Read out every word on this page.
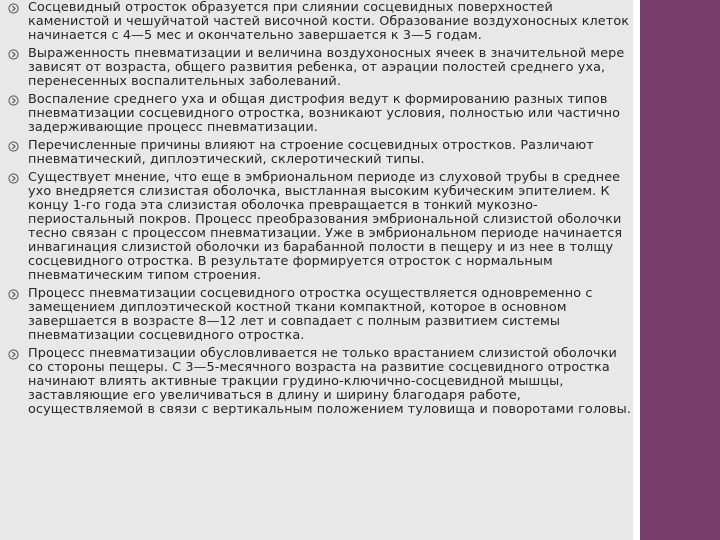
Сосцевидный отросток образуется при слиянии сосцевидных поверхностей каменистой и чешуйчатой частей височной кости. Образование воздухоносных клеток начинается с 4—5 мес и окончательно завершается к 3—5 годам.
Выраженность пневматизации и величина воздухоносных ячеек в значительной мере зависят от возраста, общего развития ребенка, от аэрации полостей среднего уха, перенесенных воспалительных заболеваний.
Воспаление среднего уха и общая дистрофия ведут к формированию разных типов пневматизации сосцевидного отростка, возникают условия, полностью или частично задерживающие процесс пневматизации.
Перечисленные причины влияют на строение сосцевидных отростков. Различают пневматический, диплоэтический, склеротический типы.
Существует мнение, что еще в эмбриональном периоде из слуховой трубы в среднее ухо внедряется слизистая оболочка, выстланная высоким кубическим эпителием. К концу 1-го года эта слизистая оболочка превращается в тонкий мукозно-периостальный покров. Процесс преобразования эмбриональной слизистой оболочки тесно связан с процессом пневматизации. Уже в эмбриональном периоде начинается инвагинация слизистой оболочки из барабанной полости в пещеру и из нее в толщу сосцевидного отростка. В результате формируется отросток с нормальным пневматическим типом строения.
Процесс пневматизации сосцевидного отростка осуществляется одновременно с замещением диплоэтической костной ткани компактной, которое в основном завершается в возрасте 8—12 лет и совпадает с полным развитием системы пневматизации сосцевидного отростка.
Процесс пневматизации обусловливается не только врастанием слизистой оболочки со стороны пещеры. С 3—5-месячного возраста на развитие сосцевидного отростка начинают влиять активные тракции грудино-ключично-сосцевидной мышцы, заставляющие его увеличиваться в длину и ширину благодаря работе, осуществляемой в связи с вертикальным положением туловища и поворотами головы.
